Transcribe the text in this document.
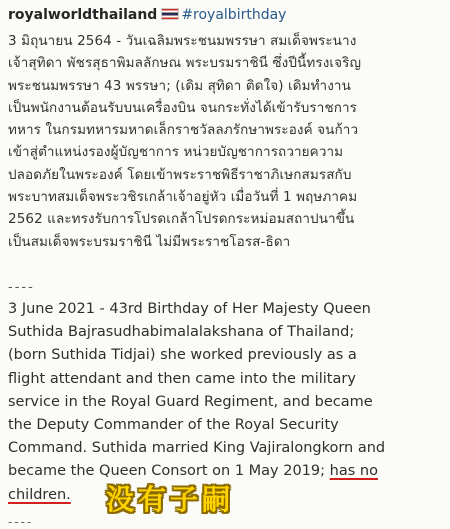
royalworldthailand #royalbirthday
3 มิถุนายน 2564 - วันเฉลิมพระชนมพรรษา สมเด็จพระนาง
เจ้าสุทิดา พัชรสุธาพิมลลักษณ พระบรมราชินี ซึ่งปีนี้ทรงเจริญ
พระชนมพรรษา 43 พรรษา; (เดิม สุทิดา ติดใจ) เดิมทำงาน
เป็นพนักงานต้อนรับบนเครื่องบิน จนกระทั่งได้เข้ารับราชการ
ทหาร ในกรมทหารมหาดเล็กราชวัลลภรักษาพระองค์ จนก้าว
เข้าสู่ตำแหน่งรองผู้บัญชาการ หน่วยบัญชาการถวายความ
ปลอดภัยในพระองค์ โดยเข้าพระราชพิธีราชาภิเษกสมรสกับ
พระบาทสมเด็จพระวชิรเกล้าเจ้าอยู่หัว เมื่อวันที่ 1 พฤษภาคม
2562 และทรงรับการโปรดเกล้าโปรดกระหม่อมสถาปนาขึ้น
เป็นสมเด็จพระบรมราชินี ไม่มีพระราชโอรส-ธิดา
----
3 June 2021 - 43rd Birthday of Her Majesty Queen
Suthida Bajrasudhabimalalakshana of Thailand;
(born Suthida Tidjai) she worked previously as a
flight attendant and then came into the military
service in the Royal Guard Regiment, and became
the Deputy Commander of the Royal Security
Command. Suthida married King Vajiralongkorn and
became the Queen Consort on 1 May 2019; has no
children.	没有子嗣
----
